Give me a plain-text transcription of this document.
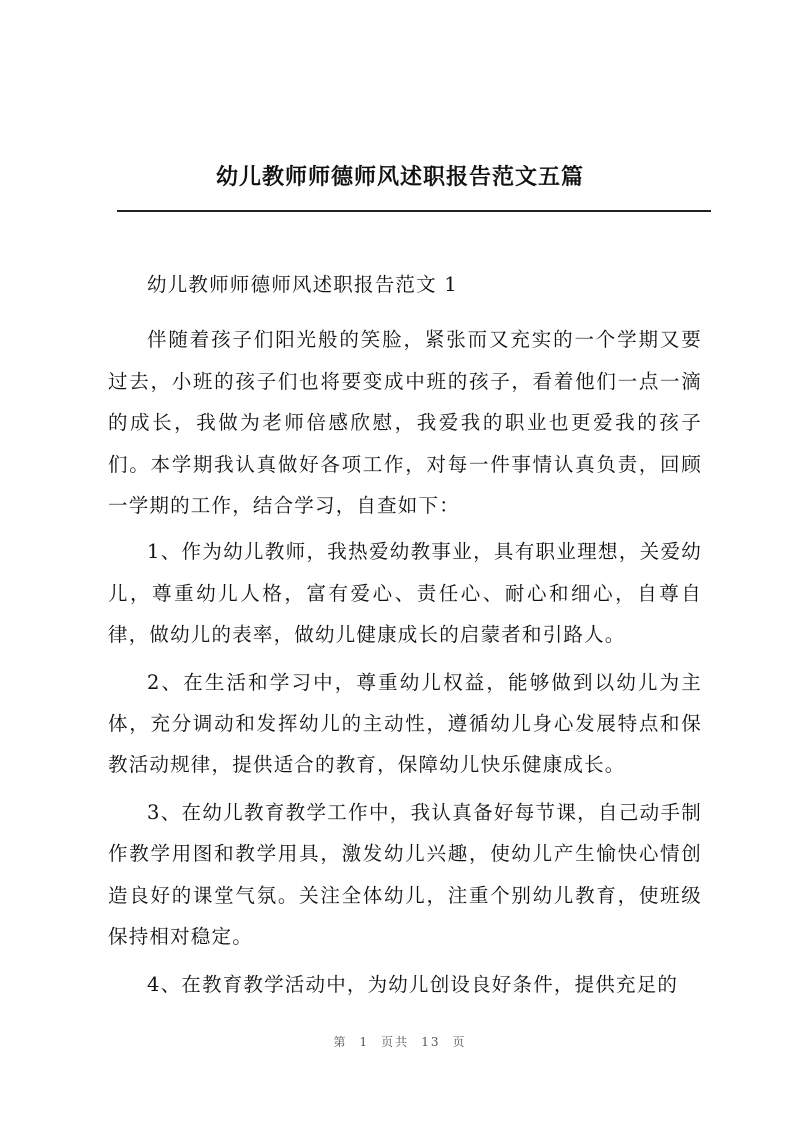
幼儿教师师德师风述职报告范文五篇

幼儿教师师德师风述职报告范文 1

伴随着孩子们阳光般的笑脸，紧张而又充实的一个学期又要过去，小班的孩子们也将要变成中班的孩子，看着他们一点一滴的成长，我做为老师倍感欣慰，我爱我的职业也更爱我的孩子们。本学期我认真做好各项工作，对每一件事情认真负责，回顾一学期的工作，结合学习，自查如下：

1、作为幼儿教师，我热爱幼教事业，具有职业理想，关爱幼儿，尊重幼儿人格，富有爱心、责任心、耐心和细心，自尊自律，做幼儿的表率，做幼儿健康成长的启蒙者和引路人。

2、在生活和学习中，尊重幼儿权益，能够做到以幼儿为主体，充分调动和发挥幼儿的主动性，遵循幼儿身心发展特点和保教活动规律，提供适合的教育，保障幼儿快乐健康成长。

3、在幼儿教育教学工作中，我认真备好每节课，自己动手制作教学用图和教学用具，激发幼儿兴趣，使幼儿产生愉快心情创造良好的课堂气氛。关注全体幼儿，注重个别幼儿教育，使班级保持相对稳定。

4、在教育教学活动中，为幼儿创设良好条件，提供充足的

第 1 页共 13 页
